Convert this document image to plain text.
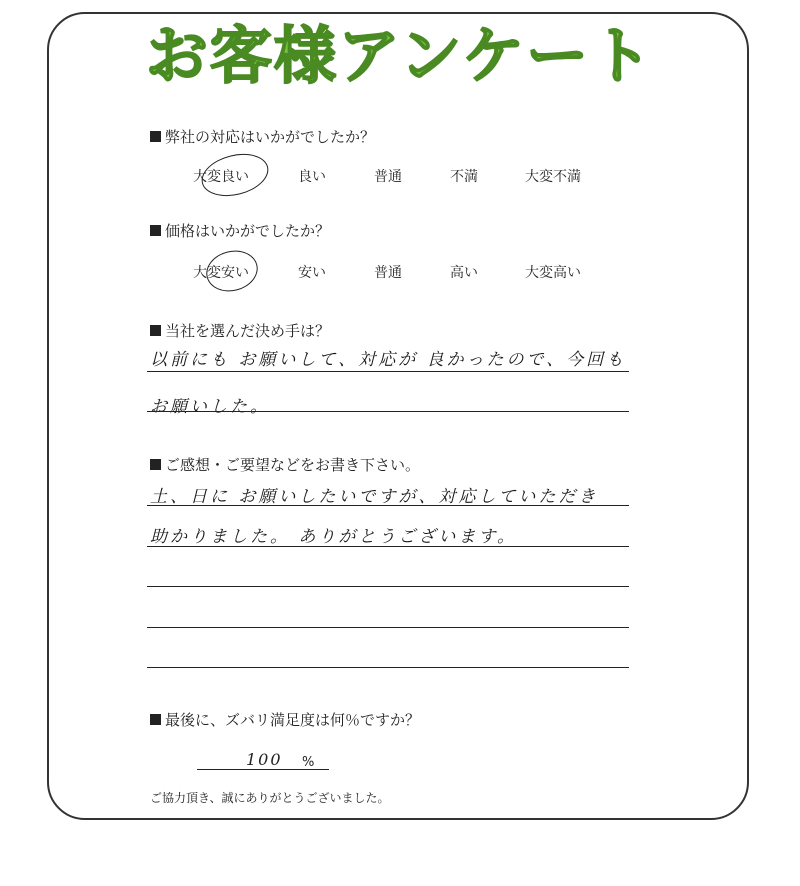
お客様アンケート
弊社の対応はいかがでしたか？
大変良い	良い	普通	不満	大変不満
価格はいかがでしたか？
大変安い	安い	普通	高い	大変高い
当社を選んだ決め手は？
以前にも お願いして、対応が 良かったので、今回も
お願いした。
ご感想・ご要望などをお書き下さい。
土、日に お願いしたいですが、対応していただき
助かりました。 ありがとうございます。
最後に、ズバリ満足度は何％ですか？
100 %
ご協力頂き、誠にありがとうございました。
